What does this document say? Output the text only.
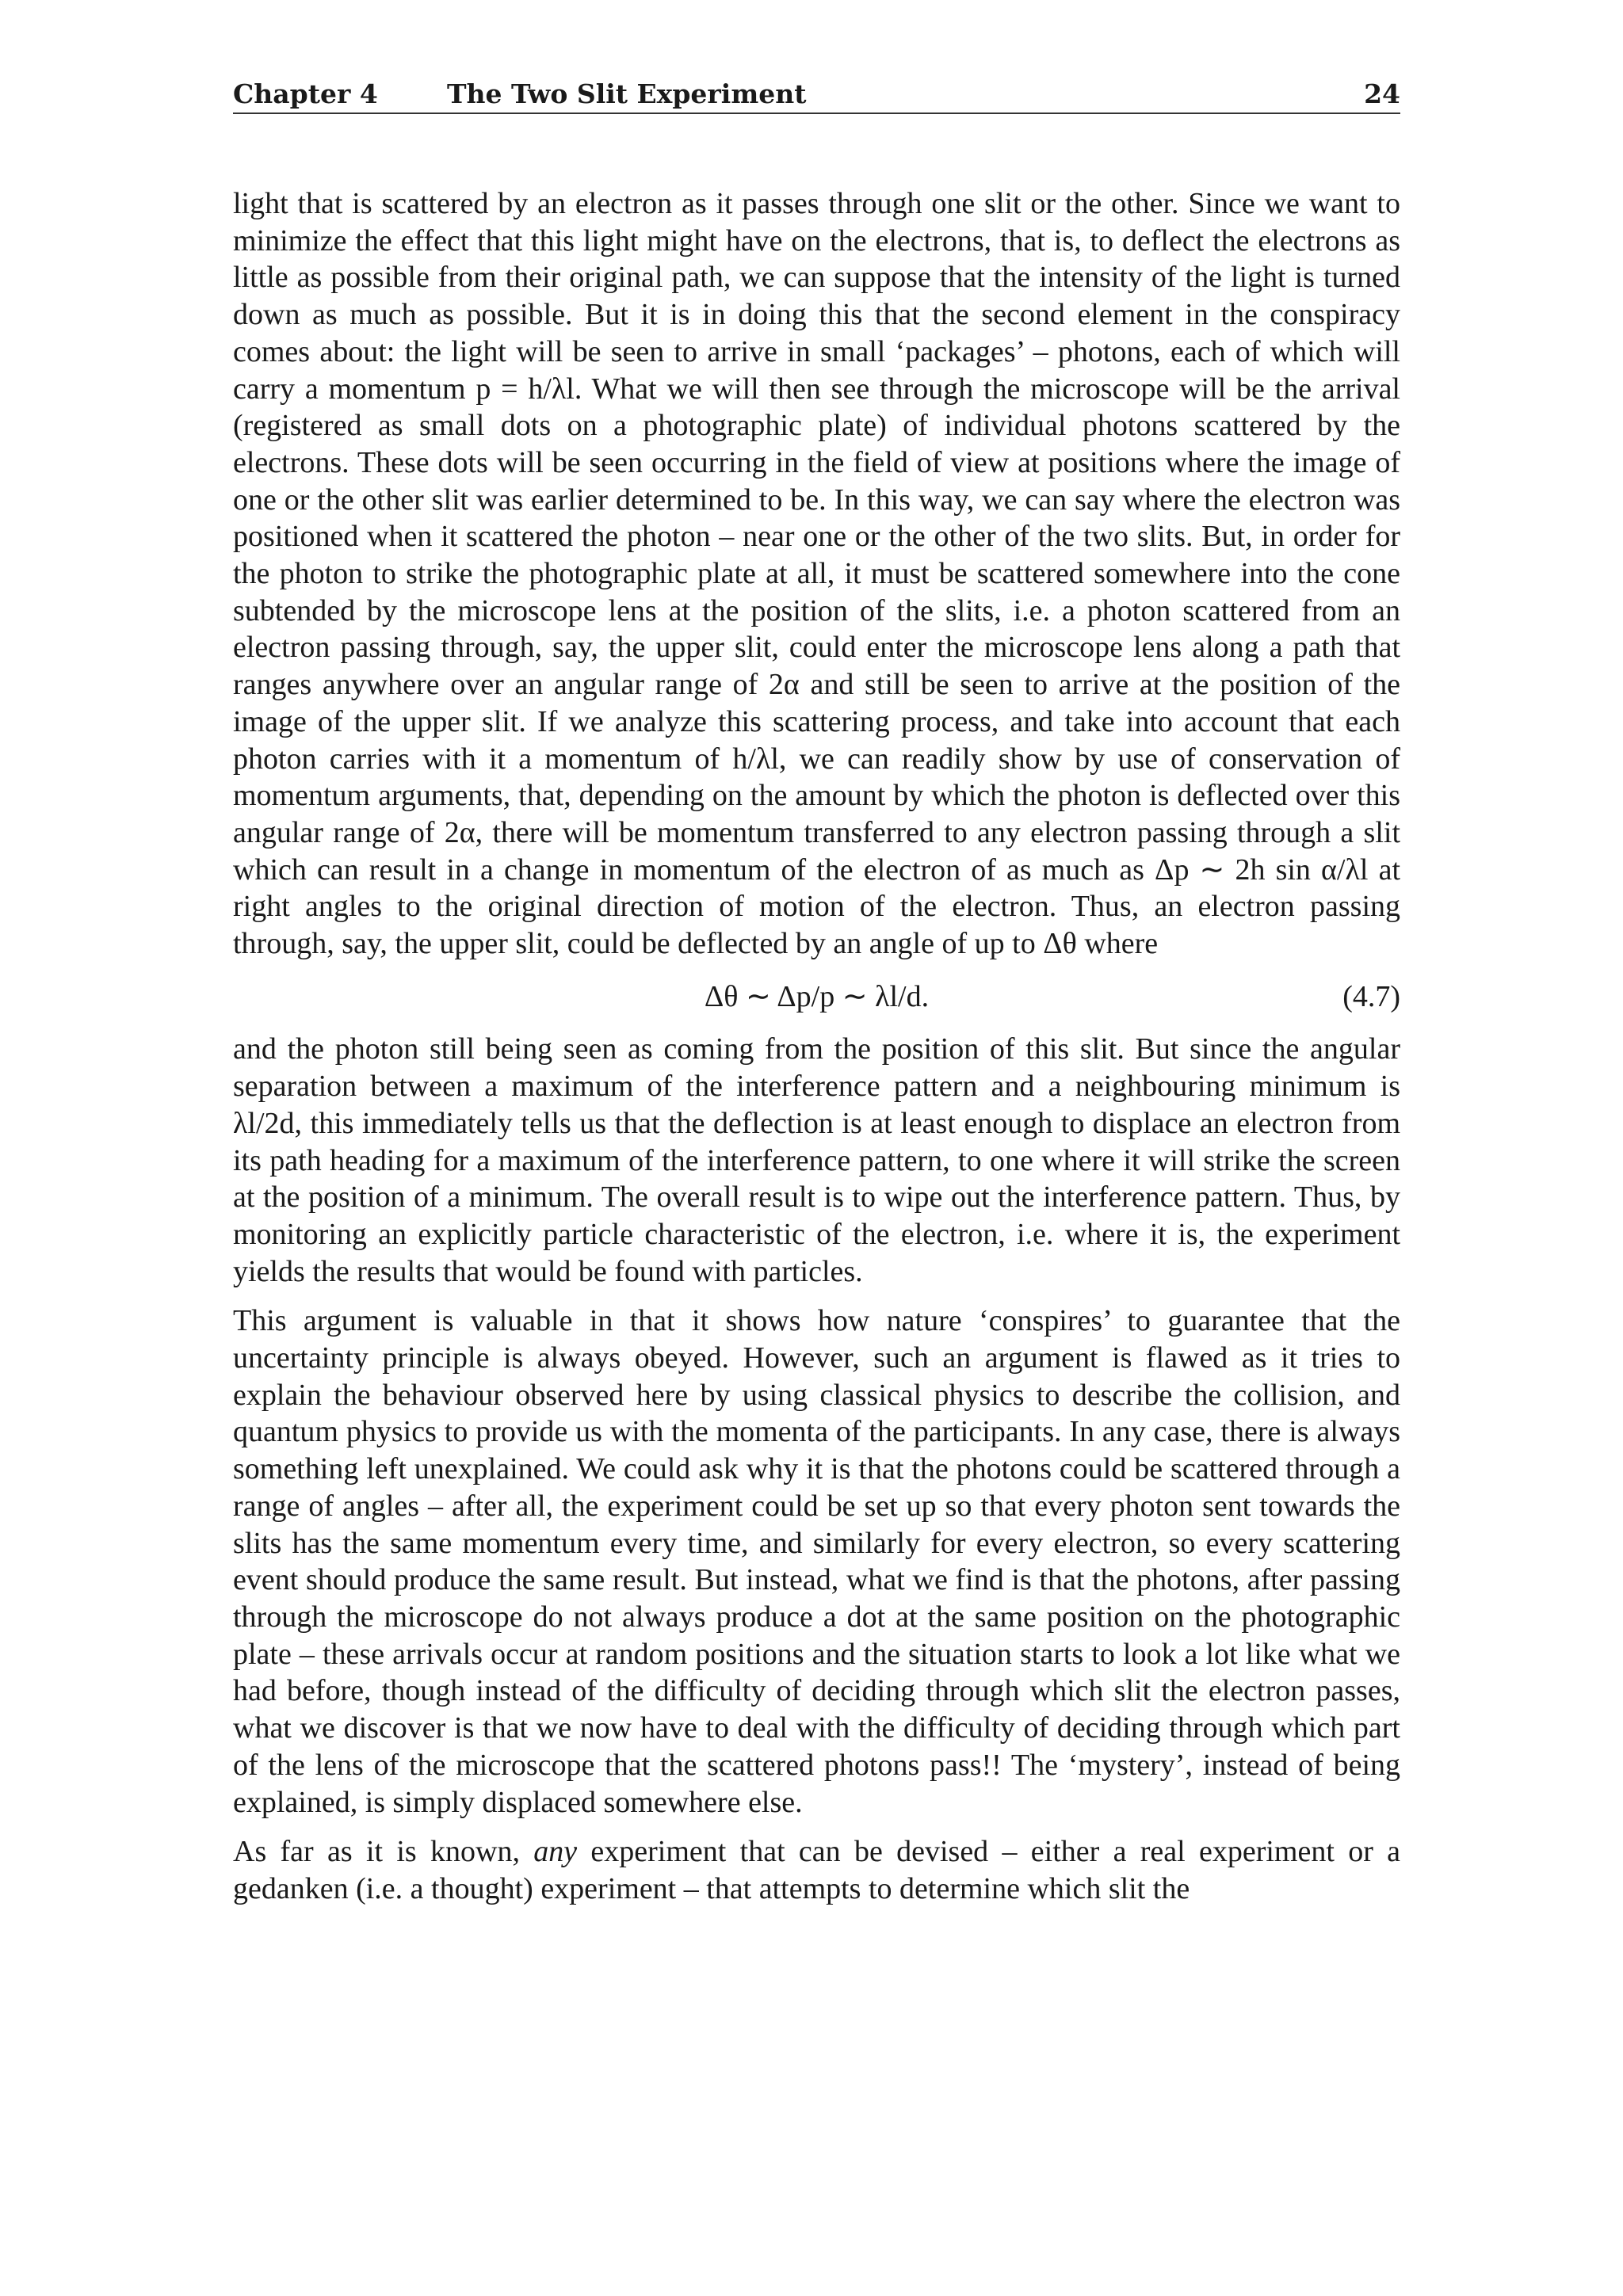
Chapter 4	The Two Slit Experiment	24

light that is scattered by an electron as it passes through one slit or the other. Since we want to minimize the effect that this light might have on the electrons, that is, to deflect the electrons as little as possible from their original path, we can suppose that the intensity of the light is turned down as much as possible. But it is in doing this that the second element in the conspiracy comes about: the light will be seen to arrive in small ‘packages’ – photons, each of which will carry a momentum p = h/λl. What we will then see through the microscope will be the arrival (registered as small dots on a photographic plate) of individual photons scattered by the electrons. These dots will be seen occurring in the field of view at positions where the image of one or the other slit was earlier determined to be. In this way, we can say where the electron was positioned when it scattered the photon – near one or the other of the two slits. But, in order for the photon to strike the photographic plate at all, it must be scattered somewhere into the cone subtended by the microscope lens at the position of the slits, i.e. a photon scattered from an electron passing through, say, the upper slit, could enter the microscope lens along a path that ranges anywhere over an angular range of 2α and still be seen to arrive at the position of the image of the upper slit. If we analyze this scattering process, and take into account that each photon carries with it a momentum of h/λl, we can readily show by use of conservation of momentum arguments, that, depending on the amount by which the photon is deflected over this angular range of 2α, there will be momentum transferred to any electron passing through a slit which can result in a change in momentum of the electron of as much as Δp ∼ 2h sin α/λl at right angles to the original direction of motion of the electron. Thus, an electron passing through, say, the upper slit, could be deflected by an angle of up to Δθ where

Δθ ∼ Δp/p ∼ λl/d.	(4.7)

and the photon still being seen as coming from the position of this slit. But since the angular separation between a maximum of the interference pattern and a neighbouring minimum is λl/2d, this immediately tells us that the deflection is at least enough to displace an electron from its path heading for a maximum of the interference pattern, to one where it will strike the screen at the position of a minimum. The overall result is to wipe out the interference pattern. Thus, by monitoring an explicitly particle characteristic of the electron, i.e. where it is, the experiment yields the results that would be found with particles.

This argument is valuable in that it shows how nature ‘conspires’ to guarantee that the uncertainty principle is always obeyed. However, such an argument is flawed as it tries to explain the behaviour observed here by using classical physics to describe the collision, and quantum physics to provide us with the momenta of the participants. In any case, there is always something left unexplained. We could ask why it is that the photons could be scattered through a range of angles – after all, the experiment could be set up so that every photon sent towards the slits has the same momentum every time, and similarly for every electron, so every scattering event should produce the same result. But instead, what we find is that the photons, after passing through the microscope do not always produce a dot at the same position on the photographic plate – these arrivals occur at random positions and the situation starts to look a lot like what we had before, though instead of the difficulty of deciding through which slit the electron passes, what we discover is that we now have to deal with the difficulty of deciding through which part of the lens of the microscope that the scattered photons pass!! The ‘mystery’, instead of being explained, is simply displaced somewhere else.

As far as it is known, any experiment that can be devised – either a real experiment or a gedanken (i.e. a thought) experiment – that attempts to determine which slit the
